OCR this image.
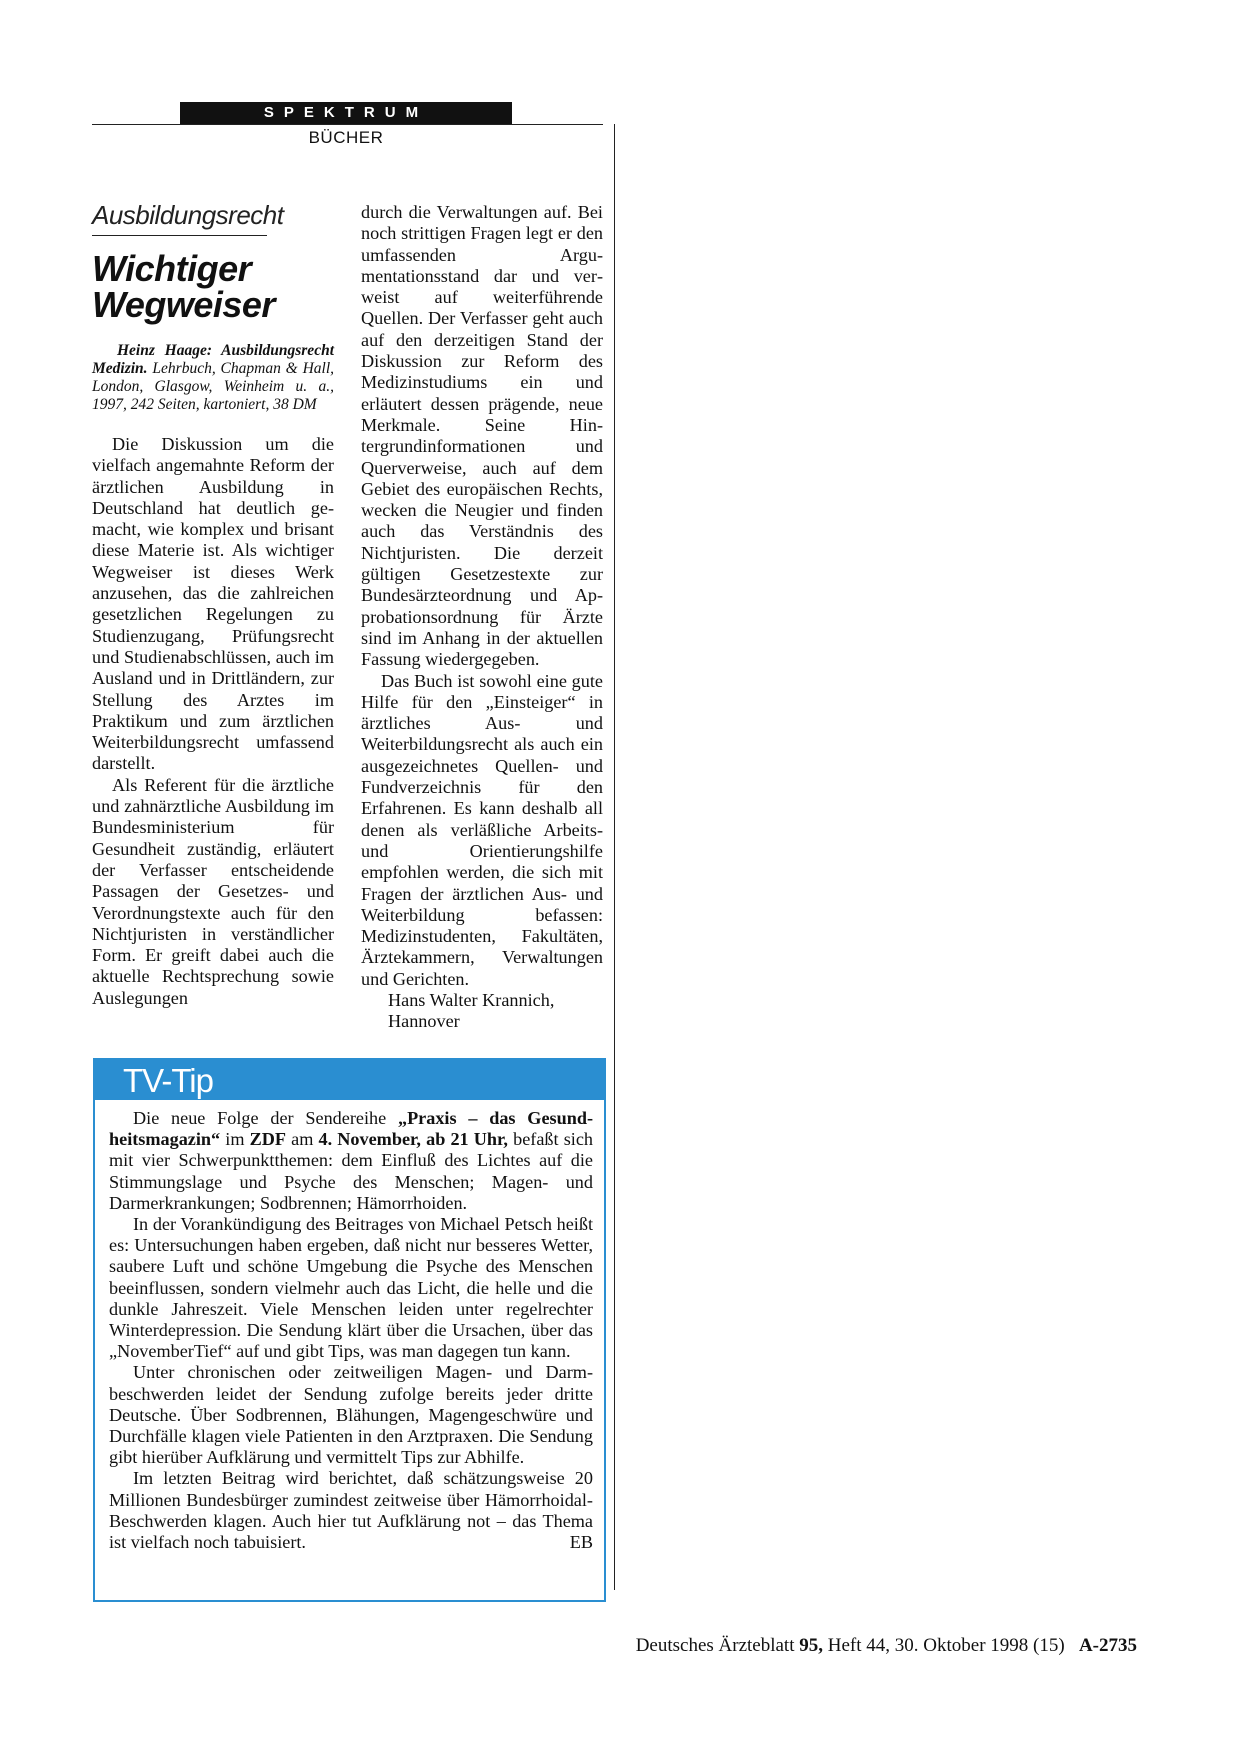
SPEKTRUM
BÜCHER
Ausbildungsrecht
Wichtiger
Wegweiser
Heinz Haage: Ausbildungsrecht Medizin. Lehrbuch, Chapman & Hall, London, Glasgow, Weinheim u. a., 1997, 242 Seiten, kartoniert, 38 DM

Die Diskussion um die vielfach angemahnte Reform der ärztlichen Ausbildung in Deutschland hat deutlich gemacht, wie komplex und brisant diese Materie ist. Als wichtiger Wegweiser ist dieses Werk anzusehen, das die zahlreichen gesetzlichen Regelungen zu Studienzugang, Prüfungsrecht und Studienabschlüssen, auch im Ausland und in Drittländern, zur Stellung des Arztes im Praktikum und zum ärztlichen Weiterbildungsrecht umfassend darstellt.

Als Referent für die ärztliche und zahnärztliche Ausbildung im Bundesministerium für Gesundheit zuständig, erläutert der Verfasser entscheidende Passagen der Gesetzes- und Verordnungstexte auch für den Nichtjuristen in verständlicher Form. Er greift dabei auch die aktuelle Rechtsprechung sowie Auslegungen

durch die Verwaltungen auf. Bei noch strittigen Fragen legt er den umfassenden Argumentationsstand dar und verweist auf weiterführende Quellen. Der Verfasser geht auch auf den derzeitigen Stand der Diskussion zur Reform des Medizinstudiums ein und erläutert dessen prägende, neue Merkmale. Seine Hintergrundinformationen und Querverweise, auch auf dem Gebiet des europäischen Rechts, wecken die Neugier und finden auch das Verständnis des Nichtjuristen. Die derzeit gültigen Gesetzestexte zur Bundesärzteordnung und Approbationsordnung für Ärzte sind im Anhang in der aktuellen Fassung wiedergegeben.

Das Buch ist sowohl eine gute Hilfe für den „Einsteiger“ in ärztliches Aus- und Weiterbildungsrecht als auch ein ausgezeichnetes Quellen- und Fundverzeichnis für den Erfahrenen. Es kann deshalb all denen als verläßliche Arbeits- und Orientierungshilfe empfohlen werden, die sich mit Fragen der ärztlichen Aus- und Weiterbildung befassen: Medizinstudenten, Fakultäten, Ärztekammern, Verwaltungen und Gerichten.

Hans Walter Krannich,

Hannover

TV-Tip

Die neue Folge der Sendereihe „Praxis – das Gesundheitsmagazin“ im ZDF am 4. November, ab 21 Uhr, befaßt sich mit vier Schwerpunktthemen: dem Einfluß des Lichtes auf die Stimmungslage und Psyche des Menschen; Magen- und Darmerkrankungen; Sodbrennen; Hämorrhoiden.

In der Vorankündigung des Beitrages von Michael Petsch heißt es: Untersuchungen haben ergeben, daß nicht nur besseres Wetter, saubere Luft und schöne Umgebung die Psyche des Menschen beeinflussen, sondern vielmehr auch das Licht, die helle und die dunkle Jahreszeit. Viele Menschen leiden unter regelrechter Winterdepression. Die Sendung klärt über die Ursachen, über das „NovemberTief“ auf und gibt Tips, was man dagegen tun kann.

Unter chronischen oder zeitweiligen Magen- und Darmbeschwerden leidet der Sendung zufolge bereits jeder dritte Deutsche. Über Sodbrennen, Blähungen, Magengeschwüre und Durchfälle klagen viele Patienten in den Arztpraxen. Die Sendung gibt hierüber Aufklärung und vermittelt Tips zur Abhilfe.

Im letzten Beitrag wird berichtet, daß schätzungsweise 20 Millionen Bundesbürger zumindest zeitweise über Hämorrhoidal-Beschwerden klagen. Auch hier tut Aufklärung not – das Thema ist vielfach noch tabuisiert.	EB

Deutsches Ärzteblatt 95, Heft 44, 30. Oktober 1998 (15) A-2735
